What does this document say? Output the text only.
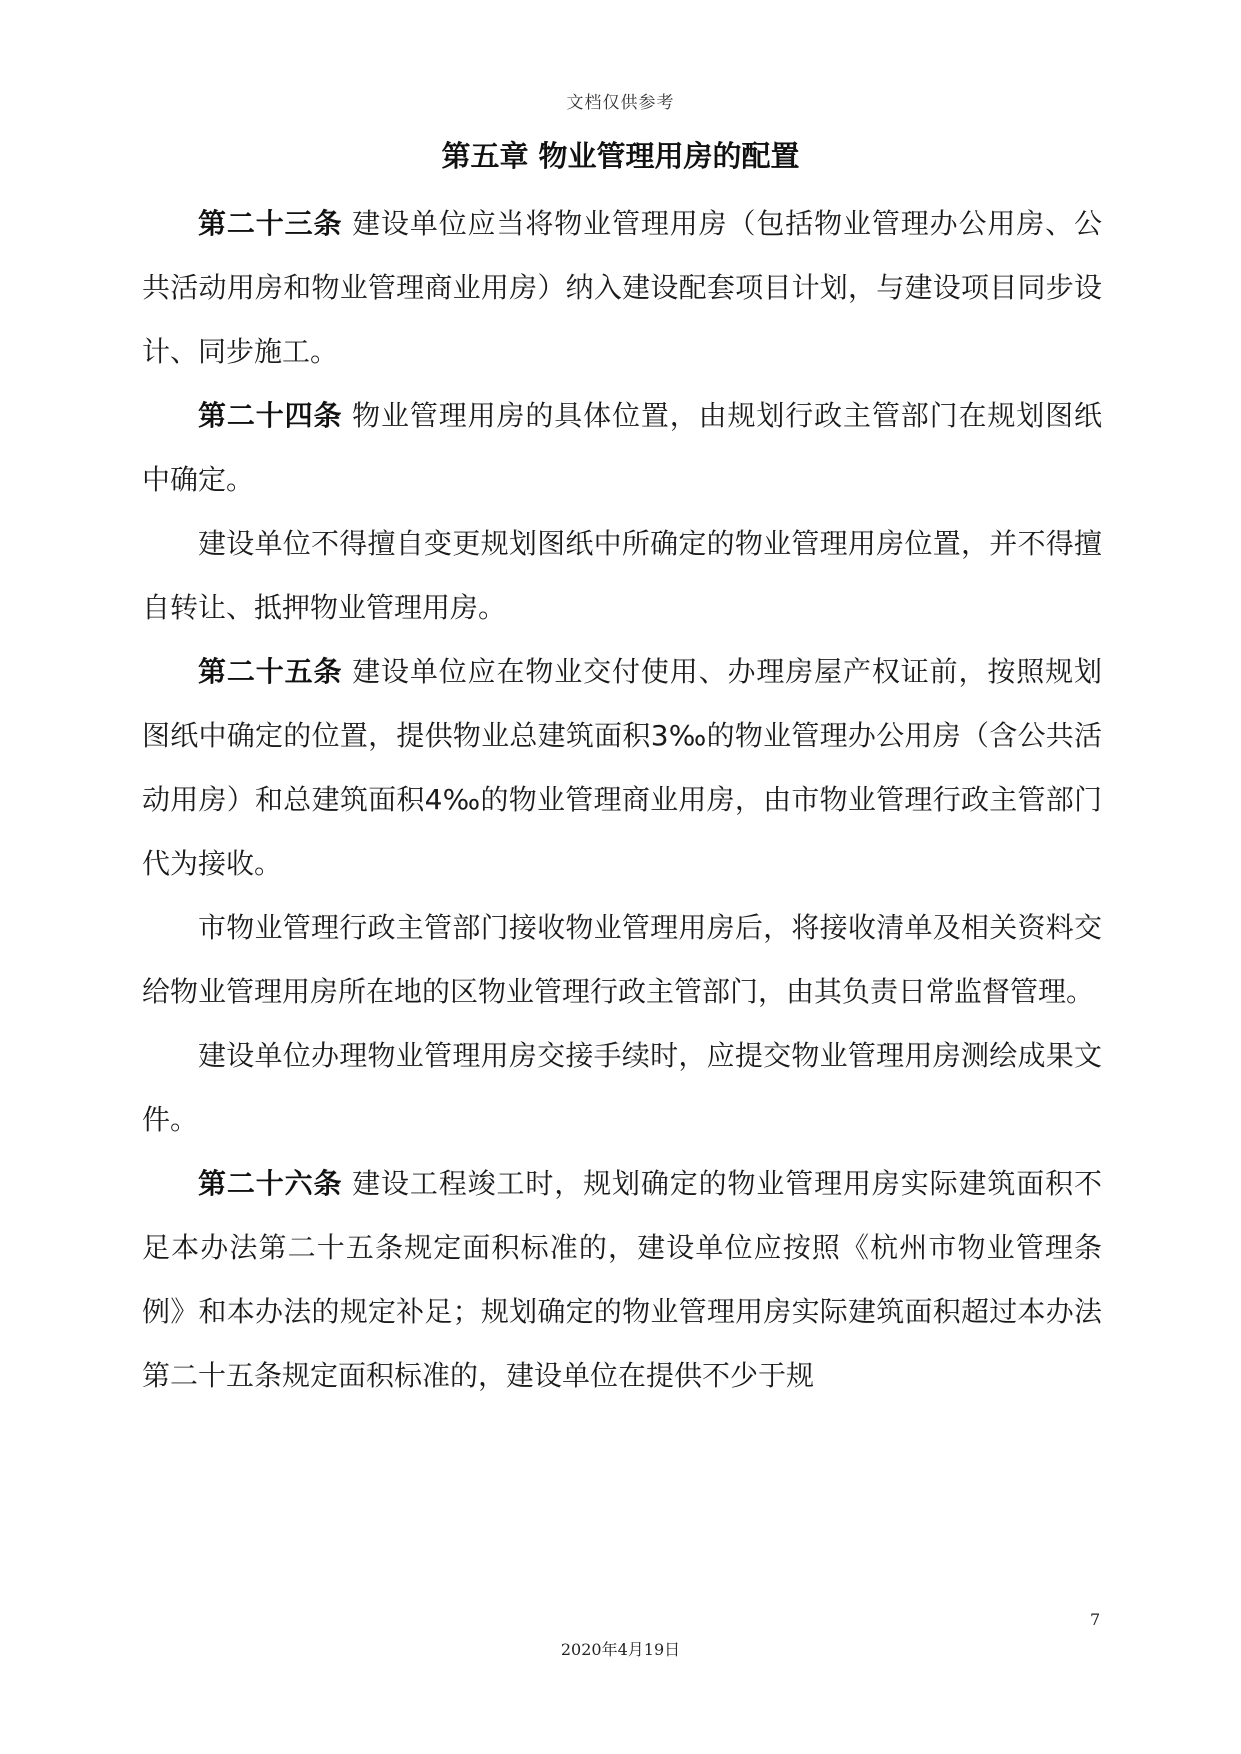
文档仅供参考
第五章 物业管理用房的配置

第二十三条 建设单位应当将物业管理用房（包括物业管理办公用房、公共活动用房和物业管理商业用房）纳入建设配套项目计划，与建设项目同步设计、同步施工。

第二十四条 物业管理用房的具体位置，由规划行政主管部门在规划图纸中确定。

建设单位不得擅自变更规划图纸中所确定的物业管理用房位置，并不得擅自转让、抵押物业管理用房。

第二十五条 建设单位应在物业交付使用、办理房屋产权证前，按照规划图纸中确定的位置，提供物业总建筑面积3‰的物业管理办公用房（含公共活动用房）和总建筑面积4‰的物业管理商业用房，由市物业管理行政主管部门代为接收。

市物业管理行政主管部门接收物业管理用房后，将接收清单及相关资料交给物业管理用房所在地的区物业管理行政主管部门，由其负责日常监督管理。

建设单位办理物业管理用房交接手续时，应提交物业管理用房测绘成果文件。

第二十六条 建设工程竣工时，规划确定的物业管理用房实际建筑面积不足本办法第二十五条规定面积标准的，建设单位应按照《杭州市物业管理条例》和本办法的规定补足；规划确定的物业管理用房实际建筑面积超过本办法第二十五条规定面积标准的，建设单位在提供不少于规

7
2020年4月19日
